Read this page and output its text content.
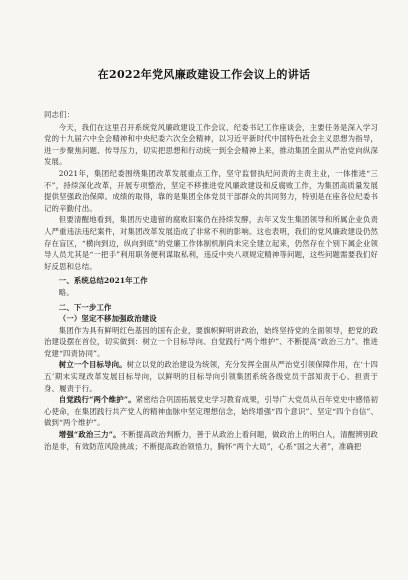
在2022年党风廉政建设工作会议上的讲话

同志们：

今天，我们在这里召开系统党风廉政建设工作会议、纪委书记工作座谈会，主要任务是深入学习党的十九届六中全会精神和中央纪委六次全会精神，以习近平新时代中国特色社会主义思想为指导，进一步聚焦问题、传导压力，切实把思想和行动统一到全会精神上来，推动集团全面从严治党向纵深发展。

2021年，集团纪委围绕集团改革发展重点工作，坚守监督执纪问责的主责主业，一体推进“三不”，持续深化改革，开展专项整治，坚定不移推进党风廉政建设和反腐败工作，为集团高质量发展提供坚强政治保障。成绩的取得，靠的是集团全体党员干部群众的共同努力，特别是在座各位纪委书记的辛勤付出。

但要清醒地看到，集团历史遗留的腐败旧案仍在持续发酵，去年又发生集团领导和所属企业负责人严重违法违纪案件，对集团改革发展造成了非常不利的影响。这也表明，我们的党风廉政建设仍然存在盲区，“横向到边，纵向到底”的党廉工作体制机制尚未完全建立起来，仍然存在个别下属企业领导人员尤其是“一把手”利用职务便利谋取私利，违反中央八项规定精神等问题，这些问题需要我们好好反思和总结。

一、系统总结2021年工作

略。

二、下一步工作

（一）坚定不移加强政治建设

集团作为具有鲜明红色基因的国有企业，要旗帜鲜明讲政治，始终坚持党的全面领导，把党的政治建设摆在首位，切实做到：树立一个目标导向、自觉践行“两个维护”、不断提高“政治三力”、推进党建“四责协同”。

树立一个目标导向。树立以党的政治建设为统领，充分发挥全面从严治党引领保障作用，在‘十四五’期末实现改革发展目标导向，以鲜明的目标导向引领集团系统各级党员干部知责于心、担责于身、履责于行。

自觉践行“两个维护”。紧密结合巩固拓展党史学习教育成果，引导广大党员从百年党史中感悟初心使命，在集团践行共产党人的精神血脉中坚定理想信念，始终增强“四个意识”、坚定“四个自信”、做到“两个维护”。

增强“政治三力”。不断提高政治判断力，善于从政治上看问题，做政治上的明白人，清醒辨别政治是非，有效防范风险挑战；不断提高政治领悟力，胸怀“两个大局”，心系“国之大者”，准确把
